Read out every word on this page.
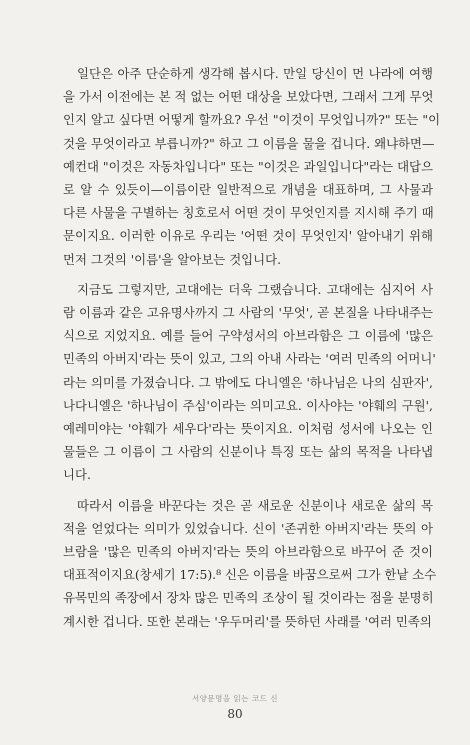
일단은 아주 단순하게 생각해 봅시다. 만일 당신이 먼 나라에 여행
을 가서 이전에는 본 적 없는 어떤 대상을 보았다면, 그래서 그게 무엇
인지 알고 싶다면 어떻게 할까요? 우선 "이것이 무엇입니까?" 또는 "이
것을 무엇이라고 부릅니까?" 하고 그 이름을 물을 겁니다. 왜냐하면—
예컨대 "이것은 자동차입니다" 또는 "이것은 과일입니다"라는 대답으
로 알 수 있듯이—이름이란 일반적으로 개념을 대표하며, 그 사물과
다른 사물을 구별하는 칭호로서 어떤 것이 무엇인지를 지시해 주기 때
문이지요. 이러한 이유로 우리는 '어떤 것이 무엇인지' 알아내기 위해
먼저 그것의 '이름'을 알아보는 것입니다.
지금도 그렇지만, 고대에는 더욱 그랬습니다. 고대에는 심지어 사
람 이름과 같은 고유명사까지 그 사람의 '무엇', 곧 본질을 나타내주는
식으로 지었지요. 예를 들어 구약성서의 아브라함은 그 이름에 '많은
민족의 아버지'라는 뜻이 있고, 그의 아내 사라는 '여러 민족의 어머니'
라는 의미를 가졌습니다. 그 밖에도 다니엘은 '하나님은 나의 심판자',
나다니엘은 '하나님이 주심'이라는 의미고요. 이사야는 '야훼의 구원',
예레미야는 '야훼가 세우다'라는 뜻이지요. 이처럼 성서에 나오는 인
물들은 그 이름이 그 사람의 신분이나 특징 또는 삶의 목적을 나타냅
니다.
따라서 이름을 바꾼다는 것은 곧 새로운 신분이나 새로운 삶의 목
적을 얻었다는 의미가 있었습니다. 신이 '존귀한 아버지'라는 뜻의 아
브람을 '많은 민족의 아버지'라는 뜻의 아브라함으로 바꾸어 준 것이
대표적이지요(창세기 17:5).⁸ 신은 이름을 바꿈으로써 그가 한낱 소수
유목민의 족장에서 장차 많은 민족의 조상이 될 것이라는 점을 분명히
계시한 겁니다. 또한 본래는 '우두머리'를 뜻하던 사래를 '여러 민족의
서양문명을 읽는 코드 신
80
